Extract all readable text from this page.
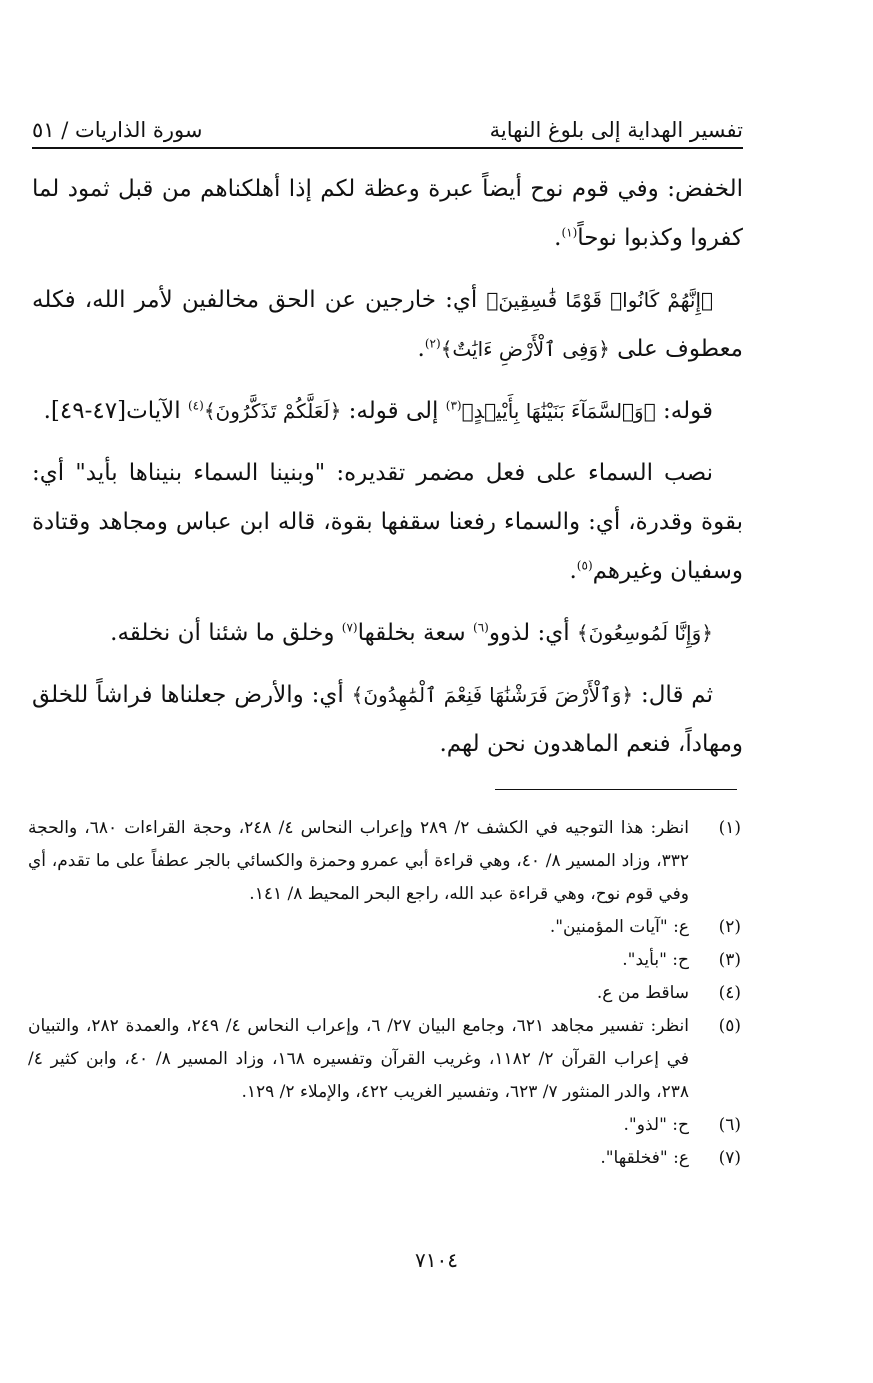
تفسير الهداية إلى بلوغ النهاية
سورة الذاريات / ٥١

الخفض: وفي قوم نوح أيضاً عبرة وعظة لكم إذا أهلكناهم من قبل ثمود لما كفروا وكذبوا نوحاً$^{(١)}$.

﴿إِنَّهُمْ كَانُوا۟ قَوْمًا فَٰسِقِينَ﴾ أي: خارجين عن الحق مخالفين لأمر الله، فكله معطوف على ﴿وَفِى ٱلْأَرْضِ ءَايَٰتٌ﴾$^{(٢)}$.

قوله: ﴿وَٱلسَّمَآءَ بَنَيْنَٰهَا بِأَيْي۟دٍ﴾$^{(٣)}$ إلى قوله: ﴿لَعَلَّكُمْ تَذَكَّرُونَ﴾$^{(٤)}$ الآيات[٤٧-٤٩].

نصب السماء على فعل مضمر تقديره: "وبنينا السماء بنيناها بأيد" أي: بقوة وقدرة، أي: والسماء رفعنا سقفها بقوة، قاله ابن عباس ومجاهد وقتادة وسفيان وغيرهم$^{(٥)}$.

﴿وَإِنَّا لَمُوسِعُونَ﴾ أي: لذوو$^{(٦)}$ سعة بخلقها$^{(٧)}$ وخلق ما شئنا أن نخلقه.

ثم قال: ﴿وَٱلْأَرْضَ فَرَشْنَٰهَا فَنِعْمَ ٱلْمَٰهِدُونَ﴾ أي: والأرض جعلناها فراشاً للخلق ومهاداً، فنعم الماهدون نحن لهم.

(١)
انظر: هذا التوجيه في الكشف ٢/ ٢٨٩ وإعراب النحاس ٤/ ٢٤٨، وحجة القراءات ٦٨٠، والحجة ٣٣٢، وزاد المسير ٨/ ٤٠، وهي قراءة أبي عمرو وحمزة والكسائي بالجر عطفاً على ما تقدم، أي وفي قوم نوح، وهي قراءة عبد الله، راجع البحر المحيط ٨/ ١٤١.
(٢)
ع: "آيات المؤمنين".
(٣)
ح: "بأيد".
(٤)
ساقط من ع.
(٥)
انظر: تفسير مجاهد ٦٢١، وجامع البيان ٢٧/ ٦، وإعراب النحاس ٤/ ٢٤٩، والعمدة ٢٨٢، والتبيان في إعراب القرآن ٢/ ١١٨٢، وغريب القرآن وتفسيره ١٦٨، وزاد المسير ٨/ ٤٠، وابن كثير ٤/ ٢٣٨، والدر المنثور ٧/ ٦٢٣، وتفسير الغريب ٤٢٢، والإملاء ٢/ ١٢٩.
(٦)
ح: "لذو".
(٧)
ع: "فخلقها".
٧١٠٤
